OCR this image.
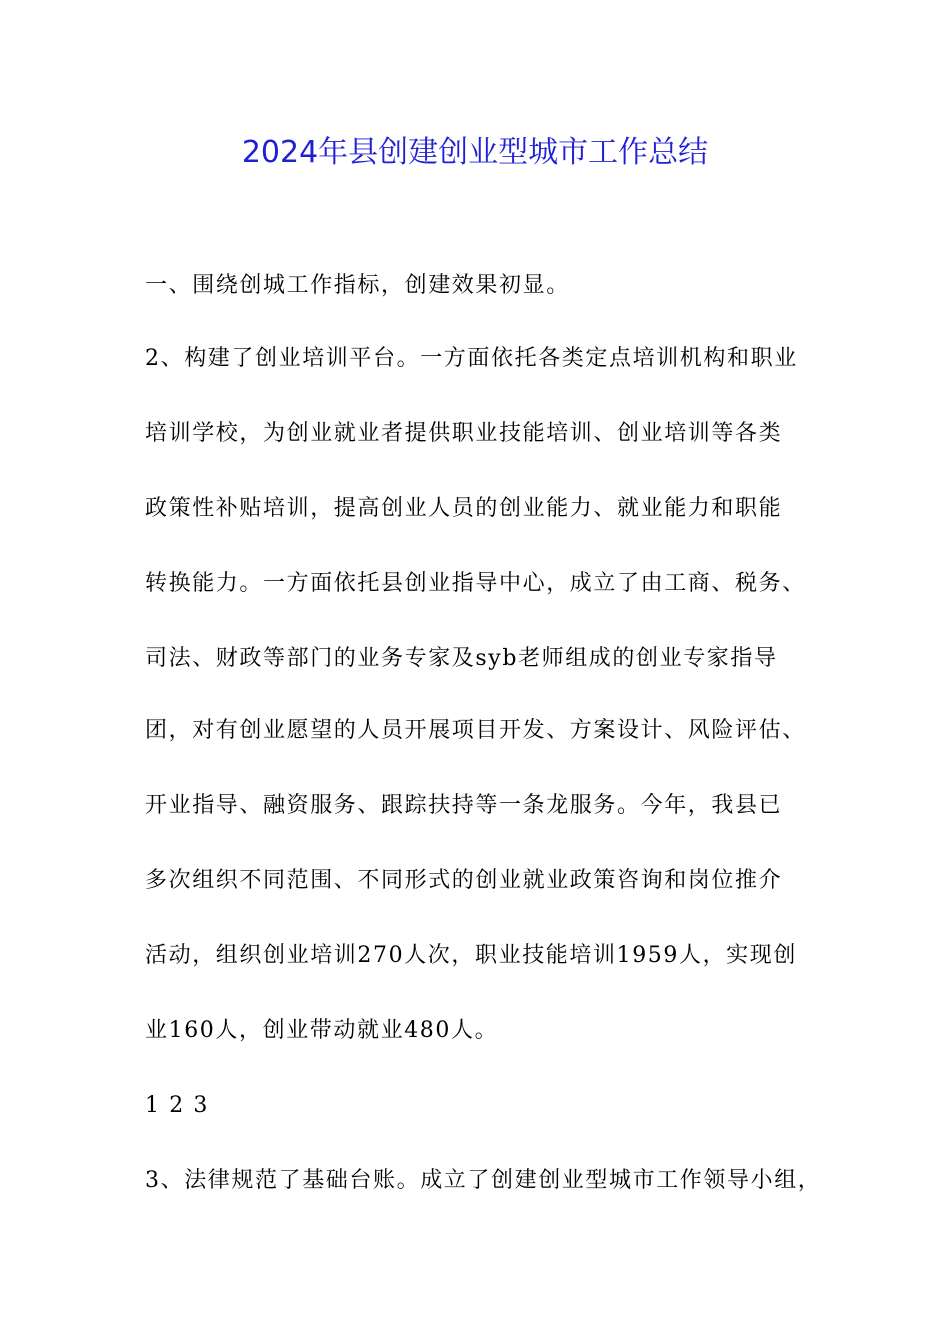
2024年县创建创业型城市工作总结
一、围绕创城工作指标，创建效果初显。
2、构建了创业培训平台。一方面依托各类定点培训机构和职业
培训学校，为创业就业者提供职业技能培训、创业培训等各类
政策性补贴培训，提高创业人员的创业能力、就业能力和职能
转换能力。一方面依托县创业指导中心，成立了由工商、税务、
司法、财政等部门的业务专家及syb老师组成的创业专家指导
团，对有创业愿望的人员开展项目开发、方案设计、风险评估、
开业指导、融资服务、跟踪扶持等一条龙服务。今年，我县已
多次组织不同范围、不同形式的创业就业政策咨询和岗位推介
活动，组织创业培训270人次，职业技能培训1959人，实现创
业160人，创业带动就业480人。
1 2 3
3、法律规范了基础台账。成立了创建创业型城市工作领导小组，
